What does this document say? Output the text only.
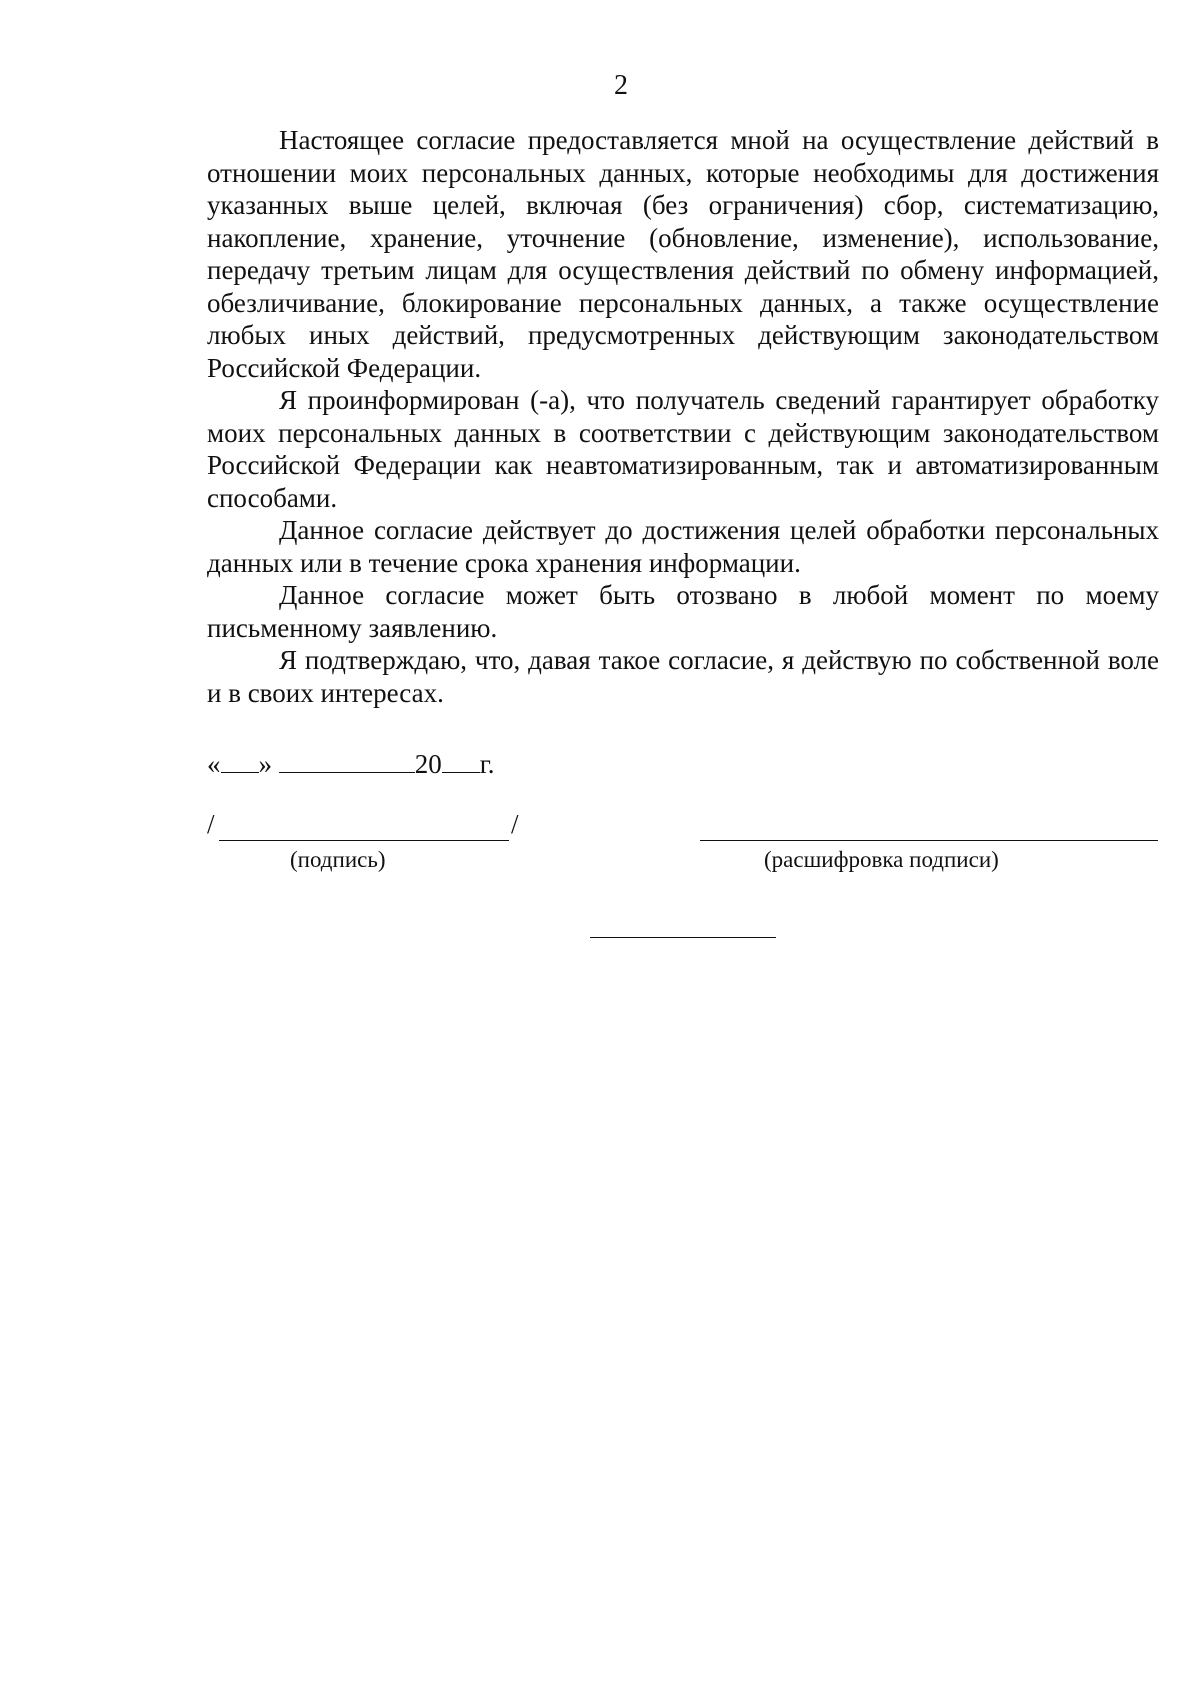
2

Настоящее согласие предоставляется мной на осуществление действий в отношении моих персональных данных, которые необходимы для достижения указанных выше целей, включая (без ограничения) сбор, систематизацию, накопление, хранение, уточнение (обновление, изменение), использование, передачу третьим лицам для осуществления действий по обмену информацией, обезличивание, блокирование персональных данных, а также осуществление любых иных действий, предусмотренных действующим законодательством Российской Федерации.

Я проинформирован (-а), что получатель сведений гарантирует обработку моих персональных данных в соответствии с действующим законодательством Российской Федерации как неавтоматизированным, так и автоматизированным способами.

Данное согласие действует до достижения целей обработки персональных данных или в течение срока хранения информации.

Данное согласие может быть отозвано в любой момент по моему письменному заявлению.

Я подтверждаю, что, давая такое согласие, я действую по собственной воле и в своих интересах.

« »	20 г.
/	/
(подпись)	(расшифровка подписи)
